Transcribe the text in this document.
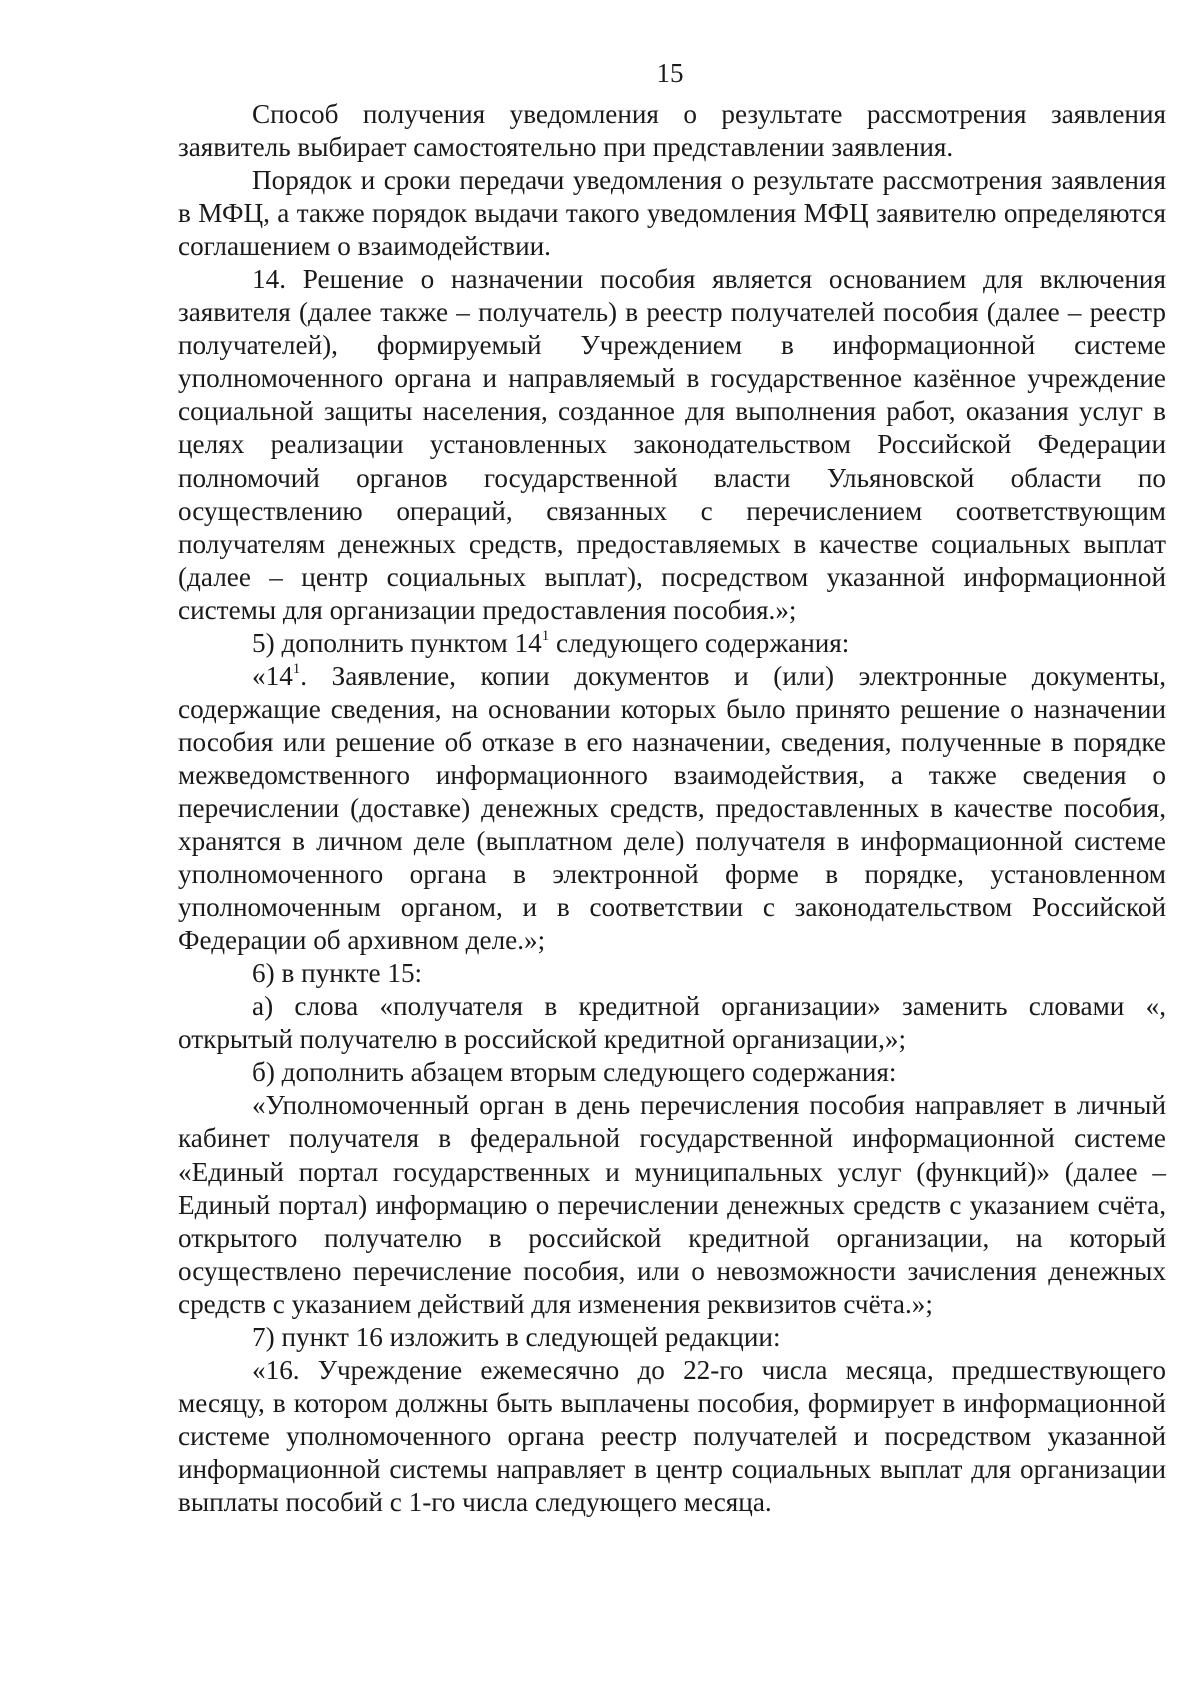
15

Способ получения уведомления о результате рассмотрения заявления заявитель выбирает самостоятельно при представлении заявления.

Порядок и сроки передачи уведомления о результате рассмотрения заявления в МФЦ, а также порядок выдачи такого уведомления МФЦ заявителю определяются соглашением о взаимодействии.

14. Решение о назначении пособия является основанием для включения заявителя (далее также – получатель) в реестр получателей пособия (далее – реестр получателей), формируемый Учреждением в информационной системе уполномоченного органа и направляемый в государственное казённое учреждение социальной защиты населения, созданное для выполнения работ, оказания услуг в целях реализации установленных законодательством Российской Федерации полномочий органов государственной власти Ульяновской области по осуществлению операций, связанных с перечислением соответствующим получателям денежных средств, предоставляемых в качестве социальных выплат (далее – центр социальных выплат), посредством указанной информационной системы для организации предоставления пособия.»;

5) дополнить пунктом $14^1$ следующего содержания:

«$14^1$. Заявление, копии документов и (или) электронные документы, содержащие сведения, на основании которых было принято решение о назначении пособия или решение об отказе в его назначении, сведения, полученные в порядке межведомственного информационного взаимодействия, а также сведения о перечислении (доставке) денежных средств, предоставленных в качестве пособия, хранятся в личном деле (выплатном деле) получателя в информационной системе уполномоченного органа в электронной форме в порядке, установленном уполномоченным органом, и в соответствии с законодательством Российской Федерации об архивном деле.»;

6) в пункте 15:

а) слова «получателя в кредитной организации» заменить словами «, открытый получателю в российской кредитной организации,»;

б) дополнить абзацем вторым следующего содержания:

«Уполномоченный орган в день перечисления пособия направляет в личный кабинет получателя в федеральной государственной информационной системе «Единый портал государственных и муниципальных услуг (функций)» (далее – Единый портал) информацию о перечислении денежных средств с указанием счёта, открытого получателю в российской кредитной организации, на который осуществлено перечисление пособия, или о невозможности зачисления денежных средств с указанием действий для изменения реквизитов счёта.»;

7) пункт 16 изложить в следующей редакции:

«16. Учреждение ежемесячно до 22-го числа месяца, предшествующего месяцу, в котором должны быть выплачены пособия, формирует в информационной системе уполномоченного органа реестр получателей и посредством указанной информационной системы направляет в центр социальных выплат для организации выплаты пособий с 1-го числа следующего месяца.
